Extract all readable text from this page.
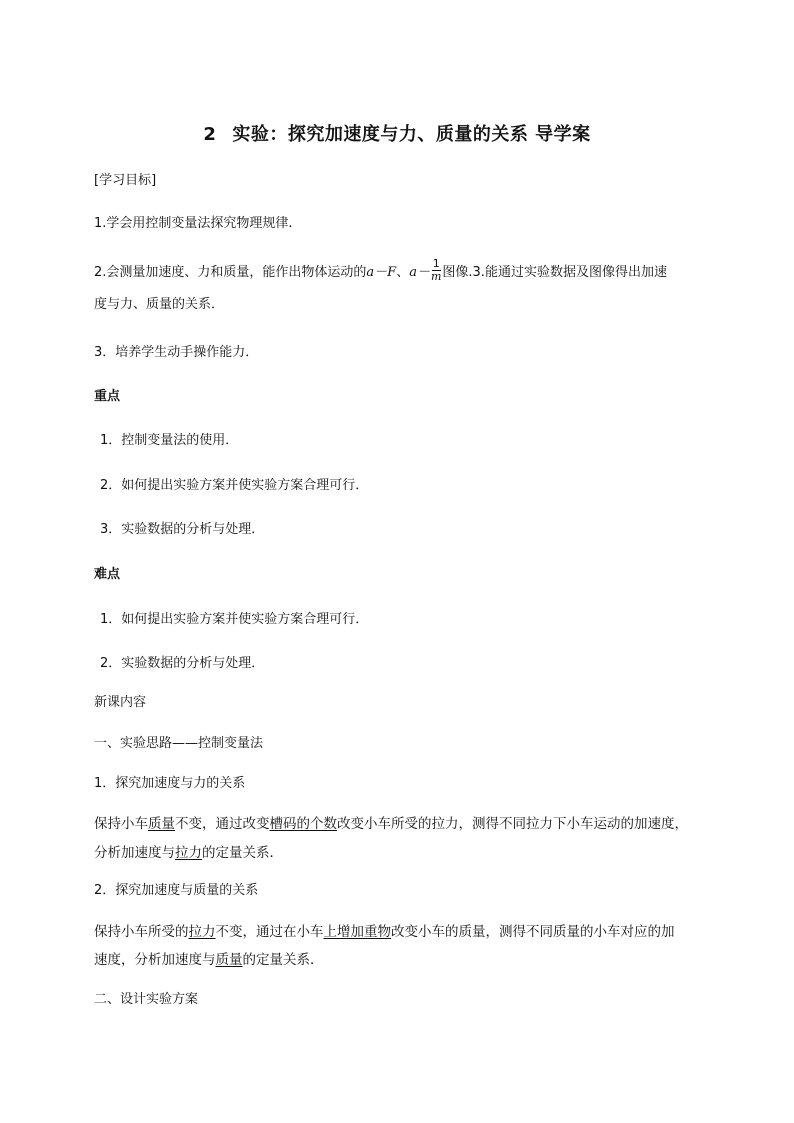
2 实验：探究加速度与力、质量的关系 导学案
[学习目标]
1.学会用控制变量法探究物理规律.
2.会测量加速度、力和质量，能作出物体运动的a－F、$a- \frac{1}{m}$ 图像.3.能通过实验数据及图像得出加速
度与力、质量的关系．
3．培养学生动手操作能力．
重点
1．控制变量法的使用．
2．如何提出实验方案并使实验方案合理可行．
3．实验数据的分析与处理．
难点
1．如何提出实验方案并使实验方案合理可行．
2．实验数据的分析与处理．
新课内容
一、实验思路——控制变量法
1．探究加速度与力的关系
保持小车质量不变，通过改变槽码的个数改变小车所受的拉力，测得不同拉力下小车运动的加速度，
分析加速度与拉力的定量关系．
2．探究加速度与质量的关系
保持小车所受的拉力不变，通过在小车上增加重物改变小车的质量，测得不同质量的小车对应的加
速度，分析加速度与质量的定量关系．
二、设计实验方案
